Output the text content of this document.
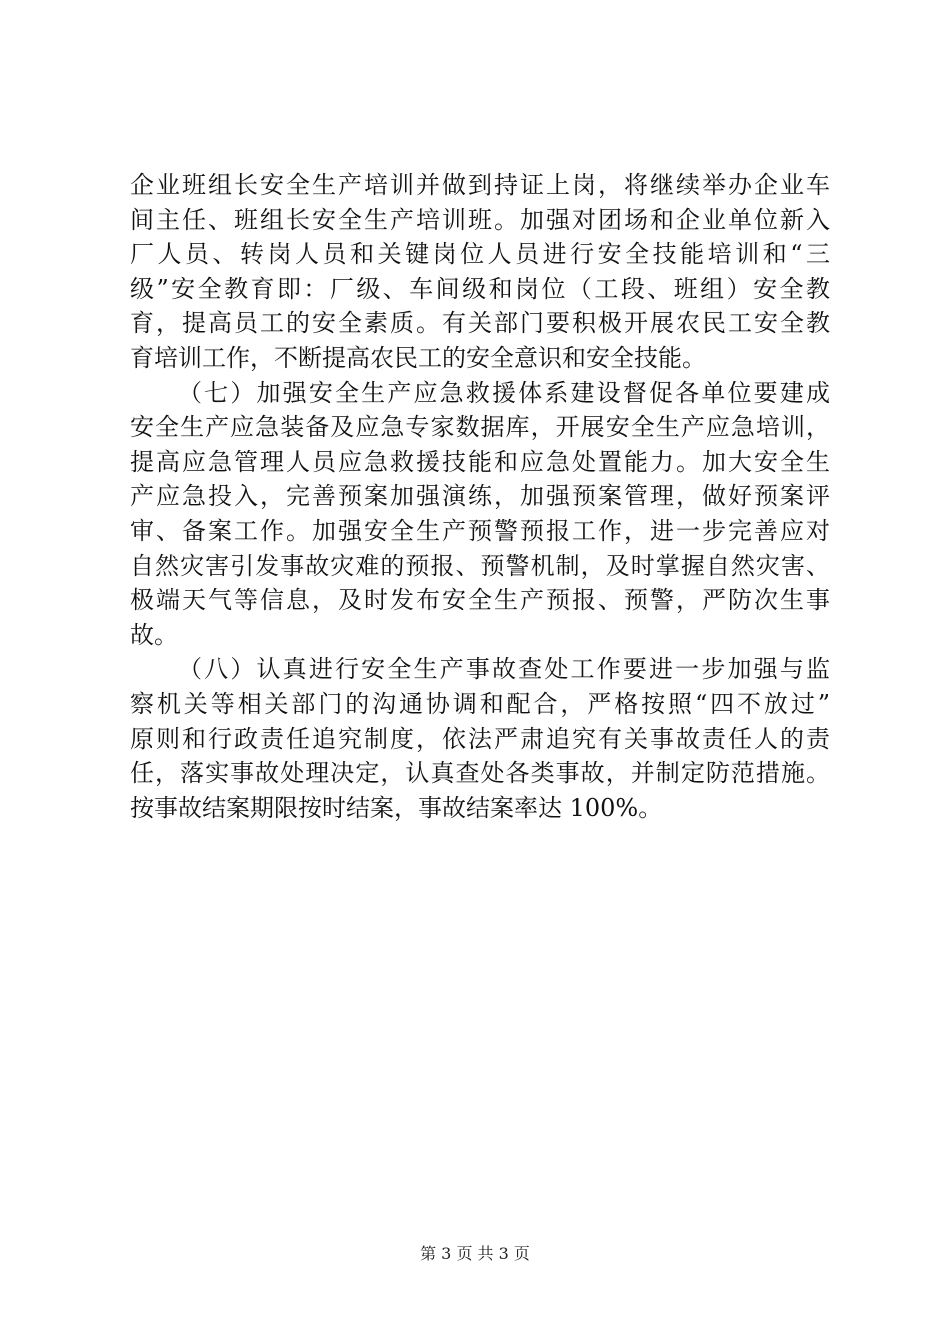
企业班组长安全生产培训并做到持证上岗，将继续举办企业车
间主任、班组长安全生产培训班。加强对团场和企业单位新入
厂人员、转岗人员和关键岗位人员进行安全技能培训和“三
级”安全教育即：厂级、车间级和岗位（工段、班组）安全教
育，提高员工的安全素质。有关部门要积极开展农民工安全教
育培训工作，不断提高农民工的安全意识和安全技能。
（七）加强安全生产应急救援体系建设督促各单位要建成
安全生产应急装备及应急专家数据库，开展安全生产应急培训，
提高应急管理人员应急救援技能和应急处置能力。加大安全生
产应急投入，完善预案加强演练，加强预案管理，做好预案评
审、备案工作。加强安全生产预警预报工作，进一步完善应对
自然灾害引发事故灾难的预报、预警机制，及时掌握自然灾害、
极端天气等信息，及时发布安全生产预报、预警，严防次生事
故。
（八）认真进行安全生产事故查处工作要进一步加强与监
察机关等相关部门的沟通协调和配合，严格按照“四不放过”
原则和行政责任追究制度，依法严肃追究有关事故责任人的责
任，落实事故处理决定，认真查处各类事故，并制定防范措施。
按事故结案期限按时结案，事故结案率达 100%。
第 3 页 共 3 页
